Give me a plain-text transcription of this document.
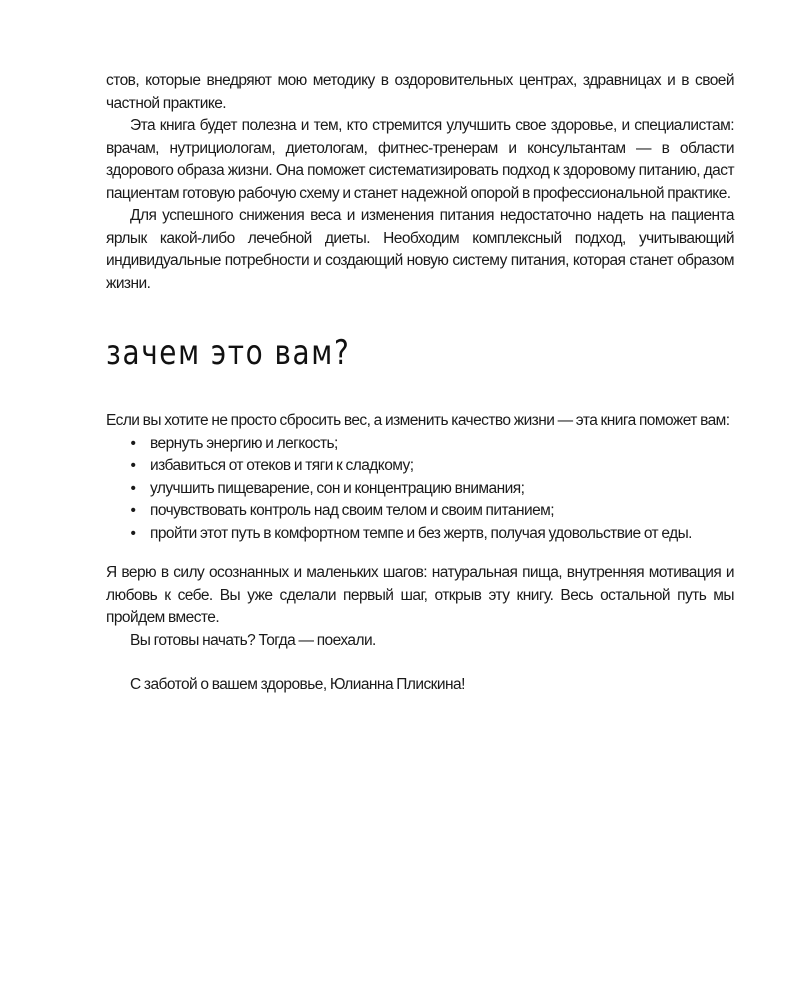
стов, которые внедряют мою методику в оздоровительных центрах, здравницах и в своей частной практике.

Эта книга будет полезна и тем, кто стремится улучшить свое здоровье, и специалистам: врачам, нутрициологам, диетологам, фитнес-тренерам и консультантам — в области здорового образа жизни. Она поможет систематизировать подход к здоровому питанию, даст пациентам готовую рабочую схему и станет надежной опорой в профессиональной практике.

Для успешного снижения веса и изменения питания недостаточно надеть на пациента ярлык какой-либо лечебной диеты. Необходим комплексный подход, учитывающий индивидуальные потребности и создающий новую систему питания, которая станет образом жизни.

зачем это вам?

Если вы хотите не просто сбросить вес, а изменить качество жизни — эта книга поможет вам:

• вернуть энергию и легкость;
• избавиться от отеков и тяги к сладкому;
• улучшить пищеварение, сон и концентрацию внимания;
• почувствовать контроль над своим телом и своим питанием;
• пройти этот путь в комфортном темпе и без жертв, получая удовольствие от еды.

Я верю в силу осознанных и маленьких шагов: натуральная пища, внутренняя мотивация и любовь к себе. Вы уже сделали первый шаг, открыв эту книгу. Весь остальной путь мы пройдем вместе.

Вы готовы начать? Тогда — поехали.

С заботой о вашем здоровье, Юлианна Плискина!
